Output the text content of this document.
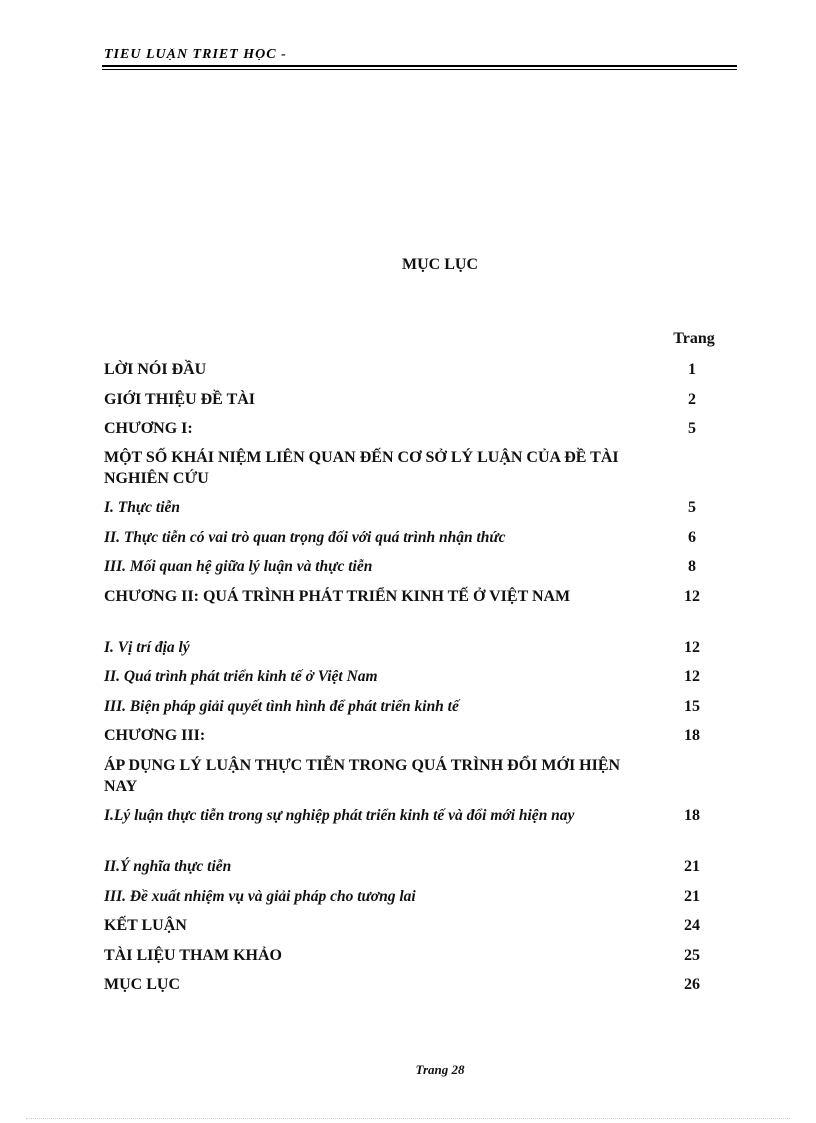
TIỂU LUẬN TRIẾT HỌC -
MỤC LỤC
Trang
LỜI NÓI ĐẦU	1
GIỚI THIỆU ĐỀ TÀI	2
CHƯƠNG I:	5
MỘT SỐ KHÁI NIỆM LIÊN QUAN ĐẾN CƠ SỞ LÝ LUẬN CỦA ĐỀ TÀI NGHIÊN CỨU
I. Thực tiễn	5
II. Thực tiễn có vai trò quan trọng đối với quá trình nhận thức	6
III. Mối quan hệ giữa lý luận và thực tiễn	8
CHƯƠNG II: QUÁ TRÌNH PHÁT TRIỂN KINH TẾ Ở VIỆT NAM	12
I. Vị trí địa lý	12
II. Quá trình phát triển kinh tế ở Việt Nam	12
III. Biện pháp giải quyết tình hình để phát triển kinh tế	15
CHƯƠNG III:	18
ÁP DỤNG LÝ LUẬN THỰC TIỄN TRONG QUÁ TRÌNH ĐỔI MỚI HIỆN NAY
I.Lý luận thực tiễn trong sự nghiệp phát triển kinh tế và đổi mới hiện nay	18
II.Ý nghĩa thực tiễn	21
III. Đề xuất nhiệm vụ và giải pháp cho tương lai	21
KẾT LUẬN	24
TÀI LIỆU THAM KHẢO	25
MỤC LỤC	26
Trang 28
